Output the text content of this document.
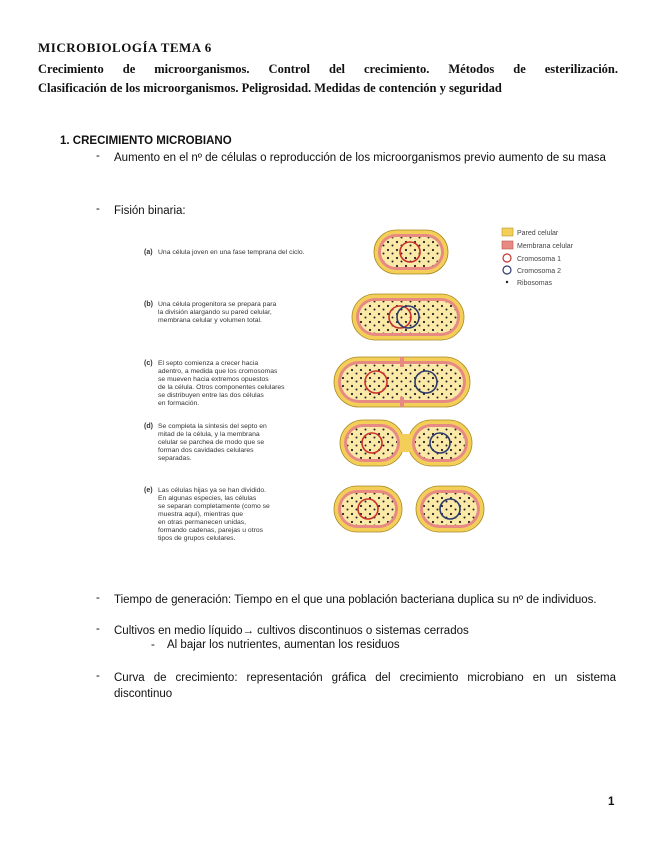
MICROBIOLOGÍA TEMA 6
Crecimiento de microorganismos. Control del crecimiento. Métodos de esterilización.
Clasificación de los microorganismos. Peligrosidad. Medidas de contención y seguridad
1. CRECIMIENTO MICROBIANO
- Aumento en el nº de células o reproducción de los microorganismos previo aumento de su masa
- Fisión binaria:
Pared celular
Membrana celular
Cromosoma 1
Cromosoma 2
Ribosomas
(a) Una célula joven en una fase temprana del ciclo.
(b) Una célula progenitora se prepara para
la división alargando su pared celular,
membrana celular y volumen total.
(c) El septo comienza a crecer hacia
adentro, a medida que los cromosomas
se mueven hacia extremos opuestos
de la célula. Otros componentes celulares
se distribuyen entre las dos células
en formación.
(d) Se completa la síntesis del septo en
mitad de la célula, y la membrana
celular se parchea de modo que se
forman dos cavidades celulares
separadas.
(e) Las células hijas ya se han dividido.
En algunas especies, las células
se separan completamente (como se
muestra aquí), mientras que
en otras permanecen unidas,
formando cadenas, parejas u otros
tipos de grupos celulares.
- Tiempo de generación: Tiempo en el que una población bacteriana duplica su nº de individuos.
- Cultivos en medio líquido→ cultivos discontinuos o sistemas cerrados
- Al bajar los nutrientes, aumentan los residuos
- Curva de crecimiento: representación gráfica del crecimiento microbiano en un sistema discontinuo
1
